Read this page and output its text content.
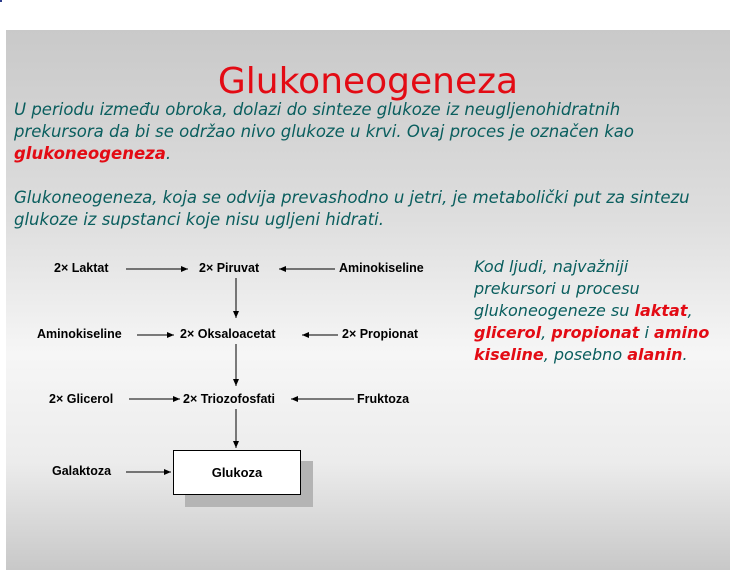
Glukoneogeneza
U periodu između obroka, dolazi do sinteze glukoze iz neugljenohidratnih prekursora da bi se održao nivo glukoze u krvi. Ovaj proces je označen kao glukoneogeneza.
Glukoneogeneza, koja se odvija prevashodno u jetri, je metabolički put za sintezu glukoze iz supstanci koje nisu ugljeni hidrati.
2× Laktat	2× Piruvat	Aminokiseline
Aminokiseline	2× Oksaloacetat	2× Propionat
2× Glicerol	2× Triozofosfati	Fruktoza
Galaktoza	Glukoza
Kod ljudi, najvažniji prekursori u procesu glukoneogeneze su laktat, glicerol, propionat i amino kiseline, posebno alanin.
